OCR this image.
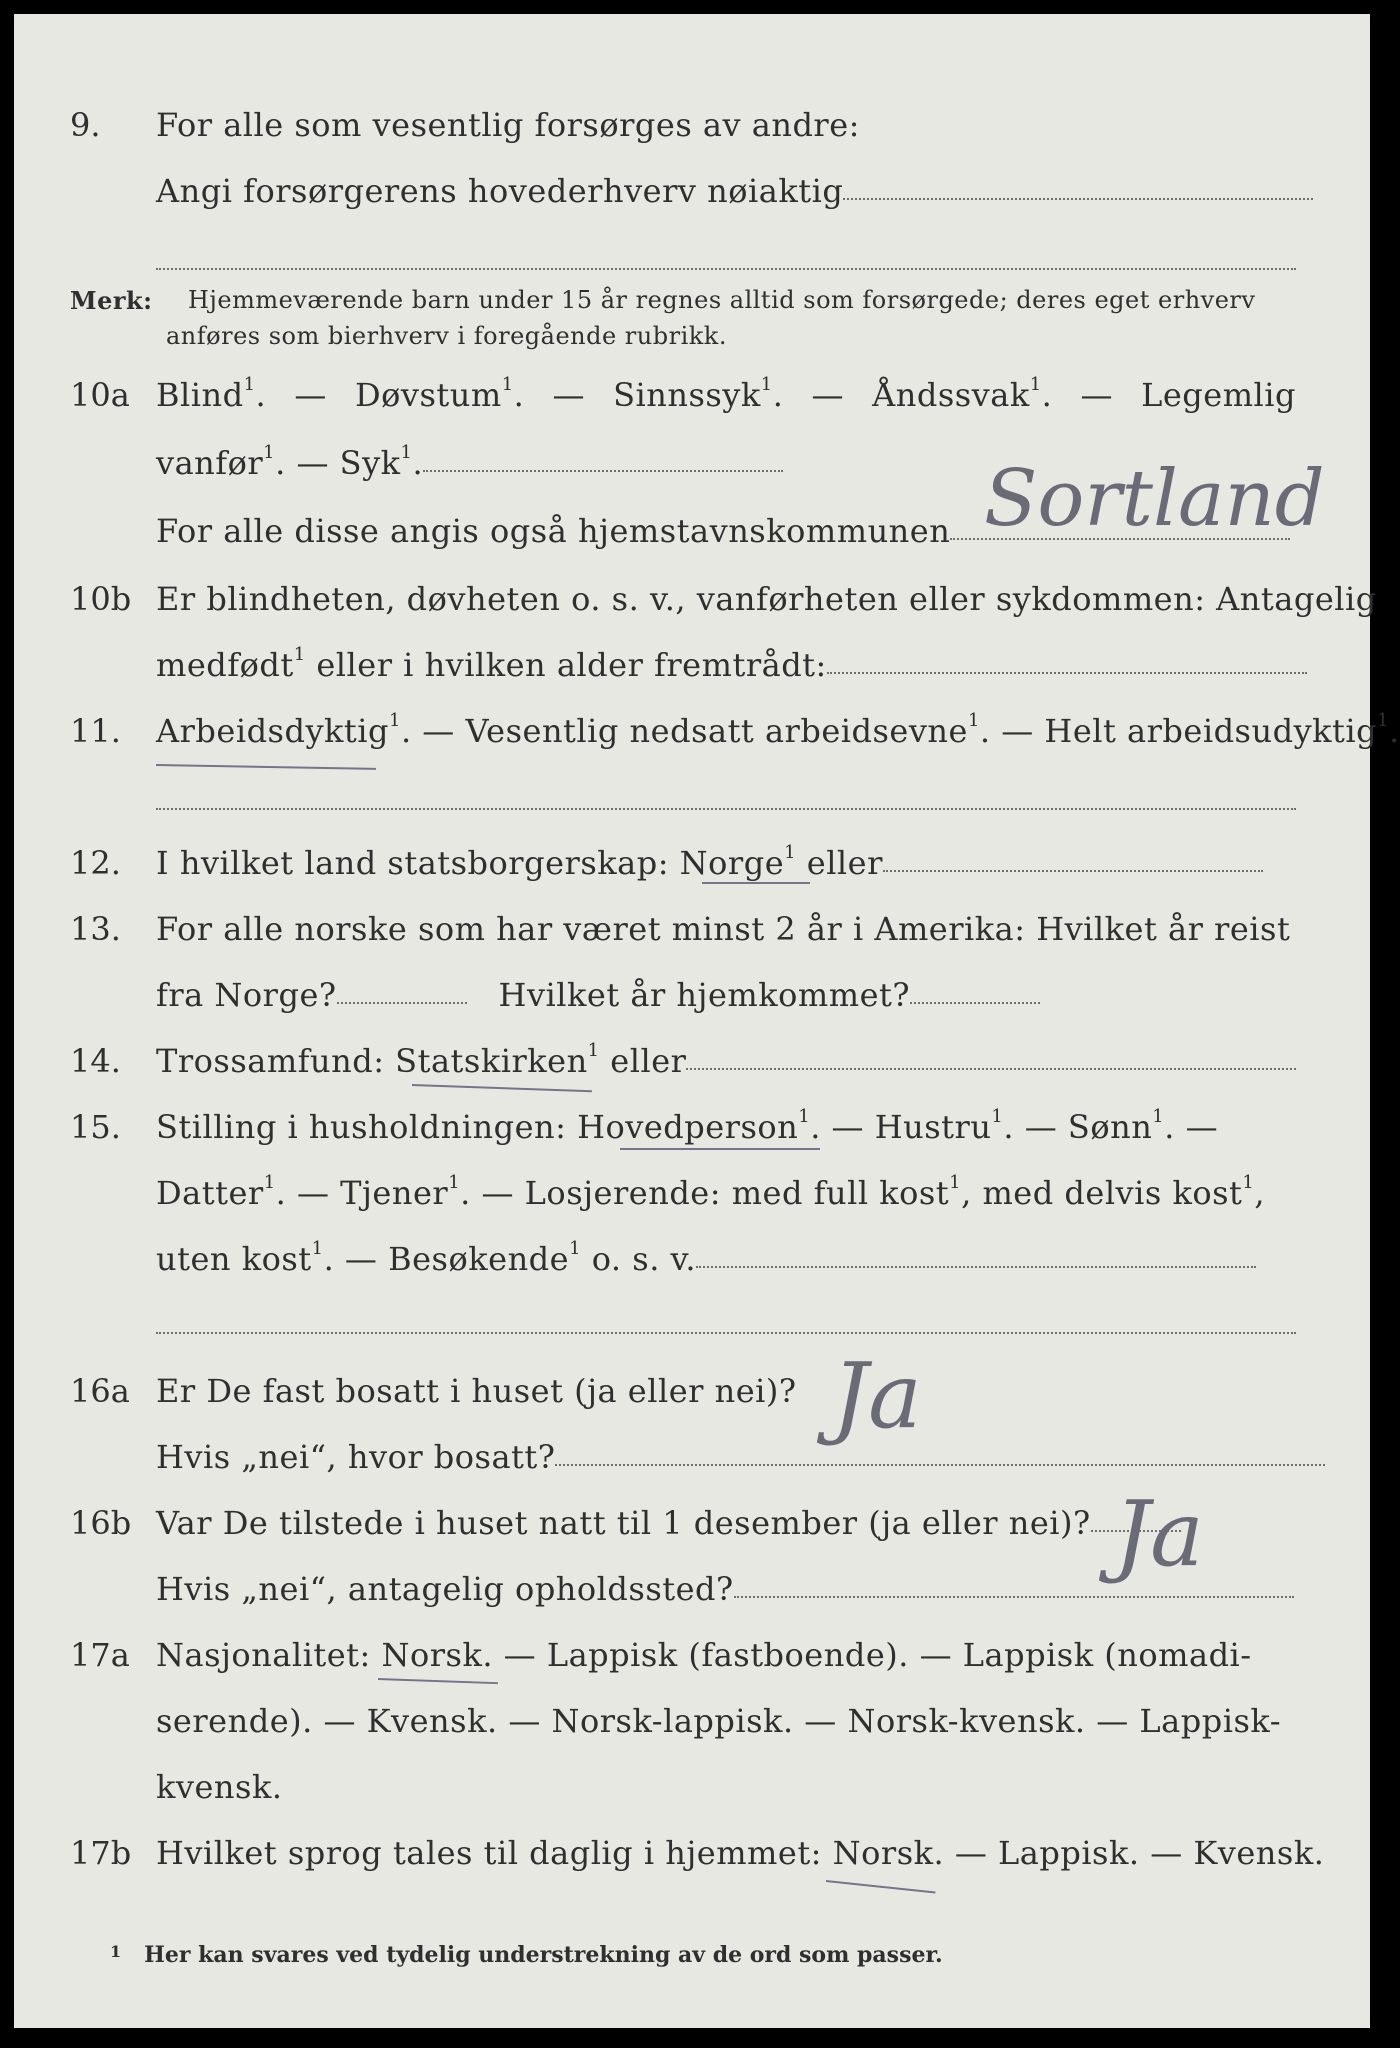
9. For alle som vesentlig forsørges av andre:
Angi forsørgerens hovederhverv nøiaktig
Merk: Hjemmeværende barn under 15 år regnes alltid som forsørgede; deres eget erhverv
anføres som bierhverv i foregående rubrikk.
10a Blind$^1$. — Døvstum$^1$. — Sinnssyk$^1$. — Åndssvak$^1$. — Legemlig
vanfør$^1$. — Syk$^1$.
For alle disse angis også hjemstavnskommunen Sortland
10b Er blindheten, døvheten o. s. v., vanførheten eller sykdommen: Antagelig
medfødt$^1$ eller i hvilken alder fremtrådt:
11. Arbeidsdyktig$^1$. — Vesentlig nedsatt arbeidsevne$^1$. — Helt arbeidsudyktig$^1$.
12. I hvilket land statsborgerskap: Norge$^1$ eller
13. For alle norske som har været minst 2 år i Amerika: Hvilket år reist
fra Norge?	Hvilket år hjemkommet?
14. Trossamfund: Statskirken$^1$ eller
15. Stilling i husholdningen: Hovedperson$^1$. — Hustru$^1$. — Sønn$^1$. —
Datter$^1$. — Tjener$^1$. — Losjerende: med full kost$^1$, med delvis kost$^1$,
uten kost$^1$. — Besøkende$^1$ o. s. v.
16a Er De fast bosatt i huset (ja eller nei)? Ja
Hvis „nei“, hvor bosatt?
16b Var De tilstede i huset natt til 1 desember (ja eller nei)? Ja
Hvis „nei“, antagelig opholdssted?
17a Nasjonalitet: Norsk. — Lappisk (fastboende). — Lappisk (nomadi-
serende). — Kvensk. — Norsk-lappisk. — Norsk-kvensk. — Lappisk-
kvensk.
17b Hvilket sprog tales til daglig i hjemmet: Norsk. — Lappisk. — Kvensk.
$^1$ Her kan svares ved tydelig understrekning av de ord som passer.
